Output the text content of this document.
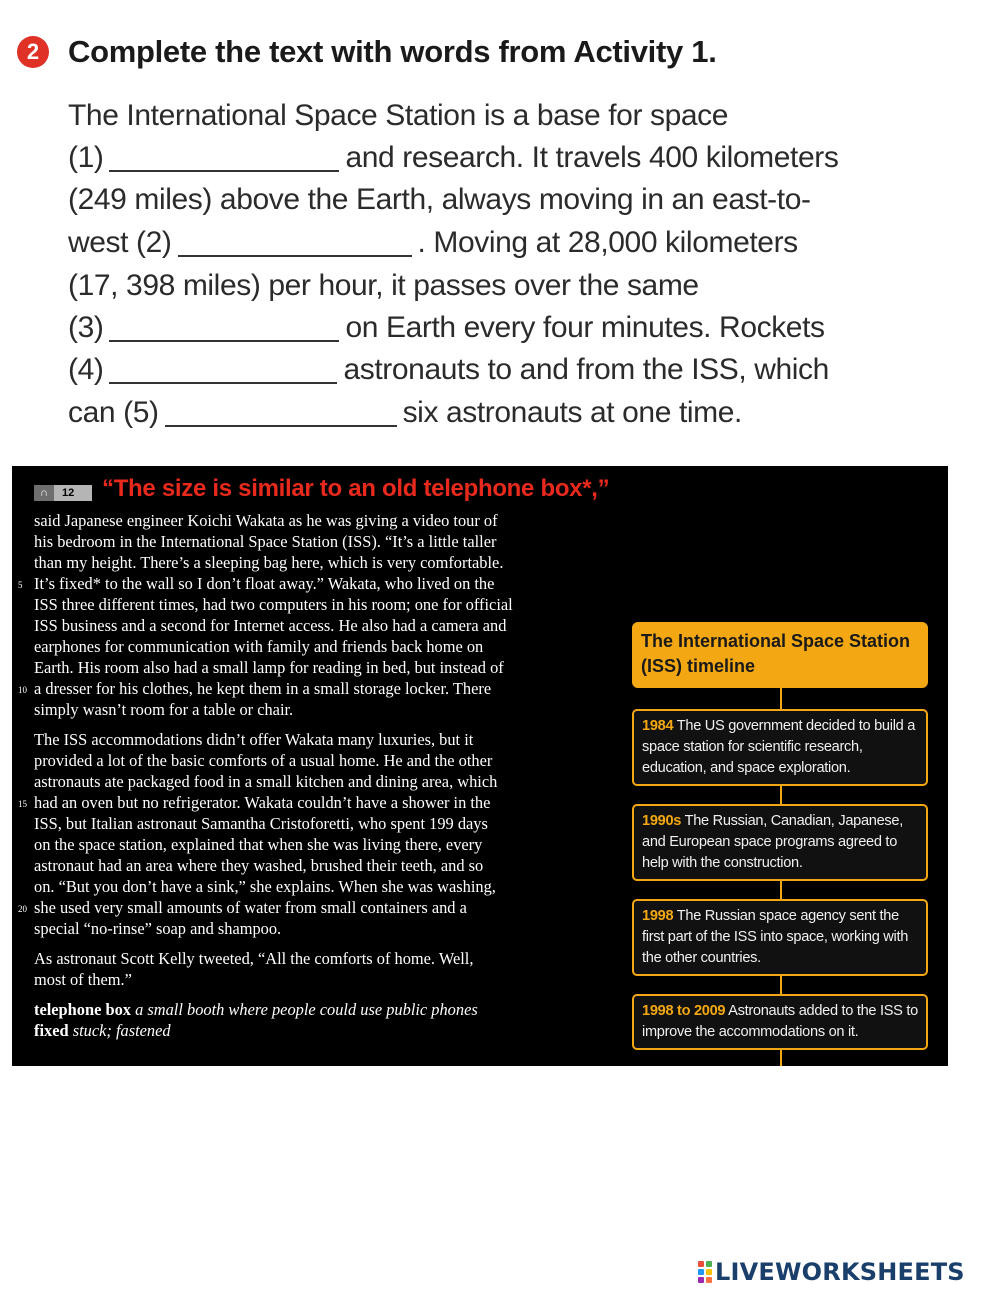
2 Complete the text with words from Activity 1.
The International Space Station is a base for space
(1)	and research. It travels 400 kilometers
(249 miles) above the Earth, always moving in an east-to-
west (2)	. Moving at 28,000 kilometers
(17, 398 miles) per hour, it passes over the same
(3)	on Earth every four minutes. Rockets
(4)	astronauts to and from the ISS, which
can (5)	six astronauts at one time.
∩ 12	“The size is similar to an old telephone box*,”
said Japanese engineer Koichi Wakata as he was giving a video tour of
his bedroom in the International Space Station (ISS). “It’s a little taller
than my height. There’s a sleeping bag here, which is very comfortable.
5 It’s fixed* to the wall so I don’t float away.” Wakata, who lived on the
ISS three different times, had two computers in his room; one for official
ISS business and a second for Internet access. He also had a camera and
earphones for communication with family and friends back home on
Earth. His room also had a small lamp for reading in bed, but instead of
10 a dresser for his clothes, he kept them in a small storage locker. There
simply wasn’t room for a table or chair.
The ISS accommodations didn’t offer Wakata many luxuries, but it
provided a lot of the basic comforts of a usual home. He and the other
astronauts ate packaged food in a small kitchen and dining area, which
15 had an oven but no refrigerator. Wakata couldn’t have a shower in the
ISS, but Italian astronaut Samantha Cristoforetti, who spent 199 days
on the space station, explained that when she was living there, every
astronaut had an area where they washed, brushed their teeth, and so
on. “But you don’t have a sink,” she explains. When she was washing,
20 she used very small amounts of water from small containers and a
special “no-rinse” soap and shampoo.
As astronaut Scott Kelly tweeted, “All the comforts of home. Well,
most of them.”
telephone box a small booth where people could use public phones
fixed stuck; fastened
The International Space Station
(ISS) timeline
1984 The US government decided to build a space station for scientific research, education, and space exploration.
1990s The Russian, Canadian, Japanese, and European space programs agreed to help with the construction.
1998 The Russian space agency sent the first part of the ISS into space, working with the other countries.
1998 to 2009 Astronauts added to the ISS to improve the accommodations on it.
LIVEWORKSHEETS
